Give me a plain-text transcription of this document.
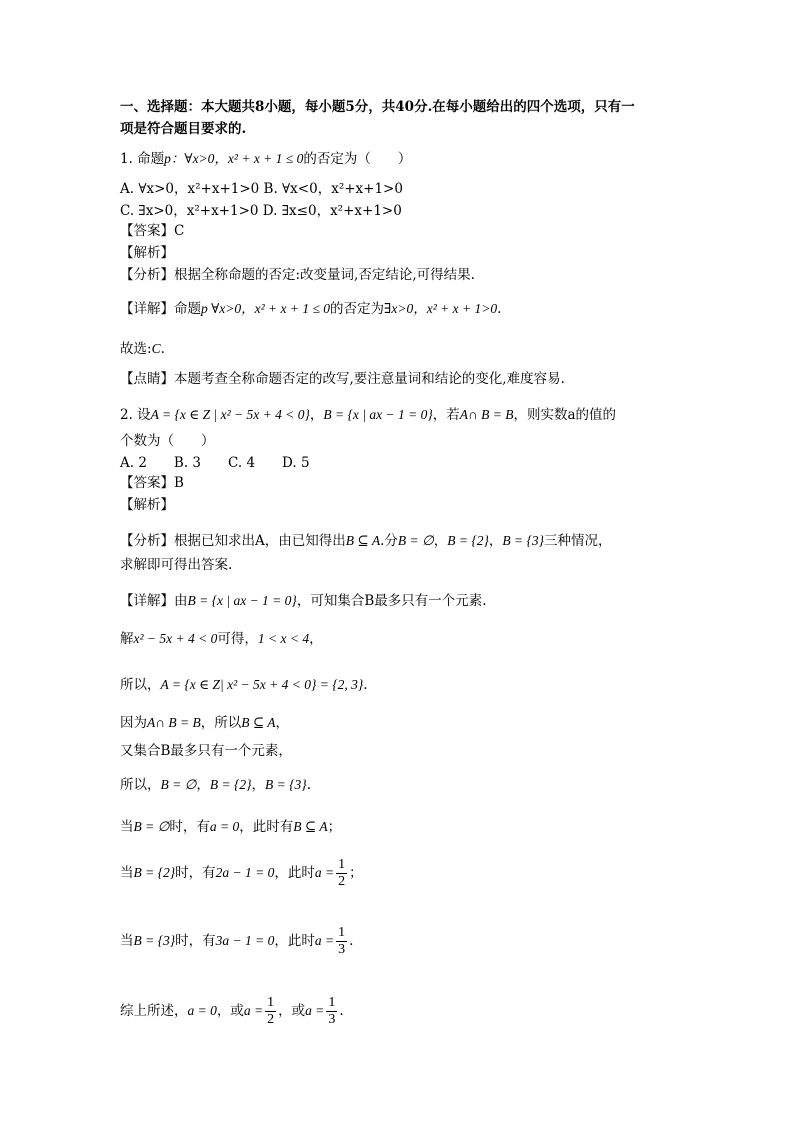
一、选择题：本大题共8小题，每小题5分，共40分.在每小题给出的四个选项，只有一
项是符合题目要求的.
1. 命题p：∀x>0，x² + x + 1 ≤ 0的否定为（　　）
A. ∀x>0，x²+x+1>0 B. ∀x<0，x²+x+1>0
C. ∃x>0，x²+x+1>0 D. ∃x≤0，x²+x+1>0
【答案】C
【解析】
【分析】根据全称命题的否定:改变量词,否定结论,可得结果.
【详解】命题p ∀x>0，x² + x + 1 ≤ 0的否定为∃x>0，x² + x + 1>0.
故选:C.
【点睛】本题考查全称命题否定的改写,要注意量词和结论的变化,难度容易.
2. 设A = {x ∈ Z | x² − 5x + 4 < 0}，B = {x | ax − 1 = 0}，若A∩ B = B，则实数a的值的
个数为（　　）
A. 2　　B. 3　　C. 4　　D. 5
【答案】B
【解析】
【分析】根据已知求出A，由已知得出B ⊆ A.分B = ∅，B = {2}，B = {3}三种情况，
求解即可得出答案.
【详解】由B = {x | ax − 1 = 0}，可知集合B最多只有一个元素.
解x² − 5x + 4 < 0可得，1 < x < 4，
所以，A = {x ∈ Z| x² − 5x + 4 < 0} = {2, 3}.
因为A∩ B = B，所以B ⊆ A，
又集合B最多只有一个元素，
所以，B = ∅，B = {2}，B = {3}.
当B = ∅时，有a = 0，此时有B ⊆ A；
当B = {2}时，有2a − 1 = 0，此时$a = \frac{1}{2}$ ；
当B = {3}时，有3a − 1 = 0，此时$a = \frac{1}{3}$ .
综上所述，a = 0，或$a = \frac{1}{2}$ ，或$a = \frac{1}{3}$ .
